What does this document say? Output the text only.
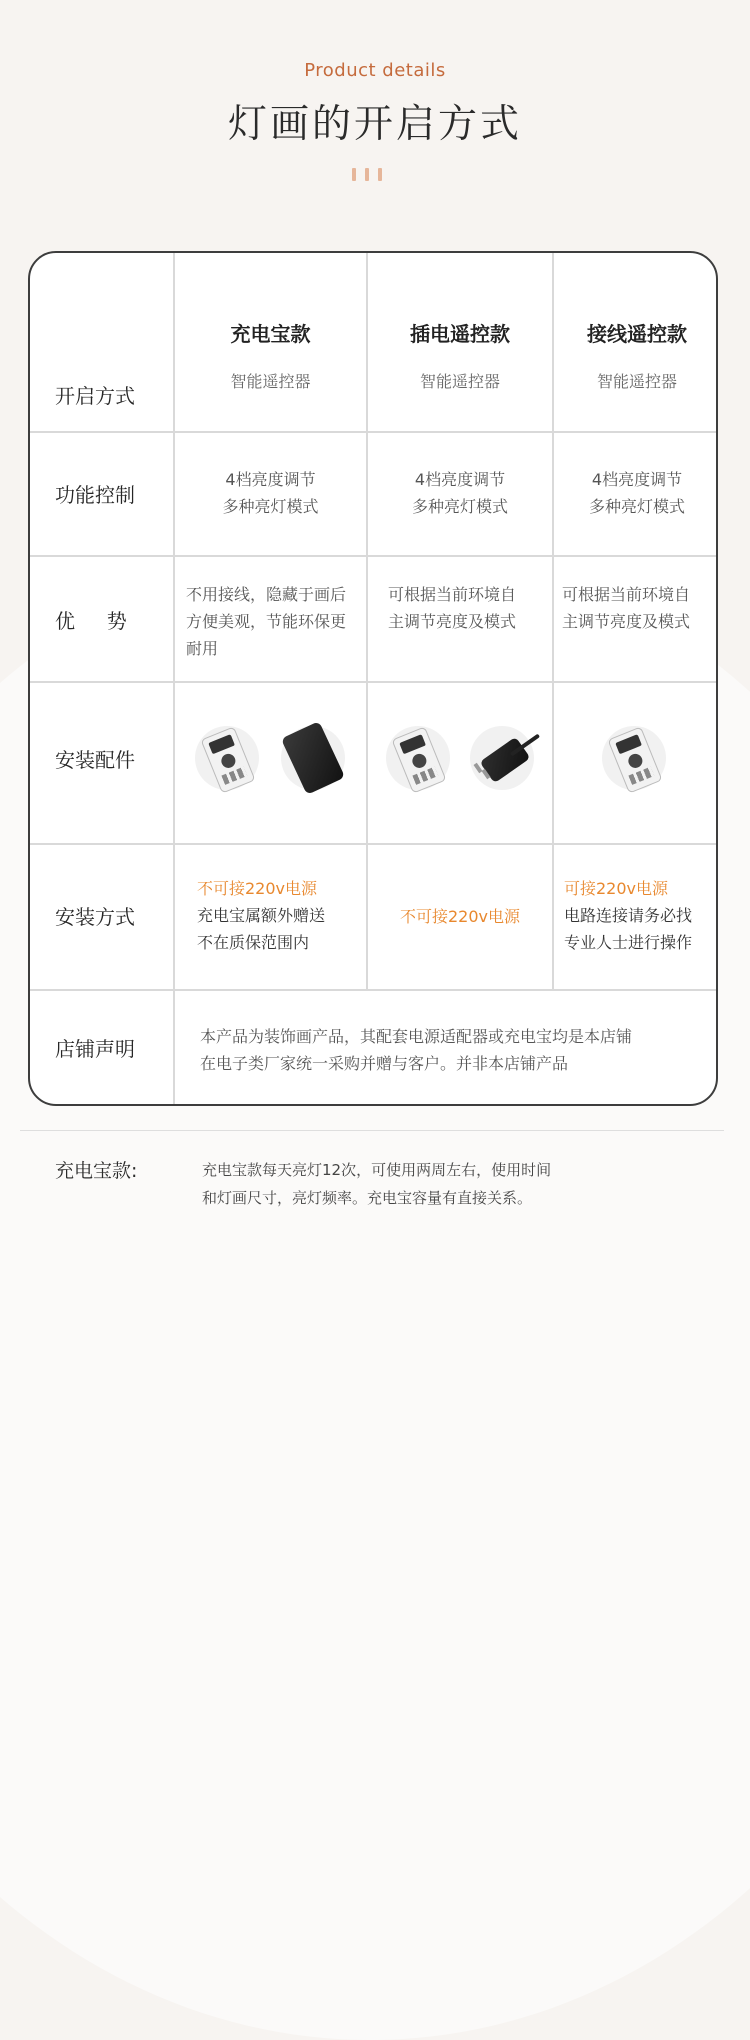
Product details
灯画的开启方式
开启方式
充电宝款
智能遥控器
插电遥控款
智能遥控器
接线遥控款
智能遥控器
功能控制
4档亮度调节
多种亮灯模式
4档亮度调节
多种亮灯模式
4档亮度调节
多种亮灯模式
优     势
不用接线，隐藏于画后
方便美观，节能环保更
耐用
可根据当前环境自
主调节亮度及模式
可根据当前环境自
主调节亮度及模式
安装配件
安装方式
不可接220v电源
充电宝属额外赠送
不在质保范围内
不可接220v电源
可接220v电源
电路连接请务必找
专业人士进行操作
店铺声明
本产品为装饰画产品，其配套电源适配器或充电宝均是本店铺
在电子类厂家统一采购并赠与客户。并非本店铺产品
充电宝款:	充电宝款每天亮灯12次，可使用两周左右，使用时间
和灯画尺寸，亮灯频率。充电宝容量有直接关系。
